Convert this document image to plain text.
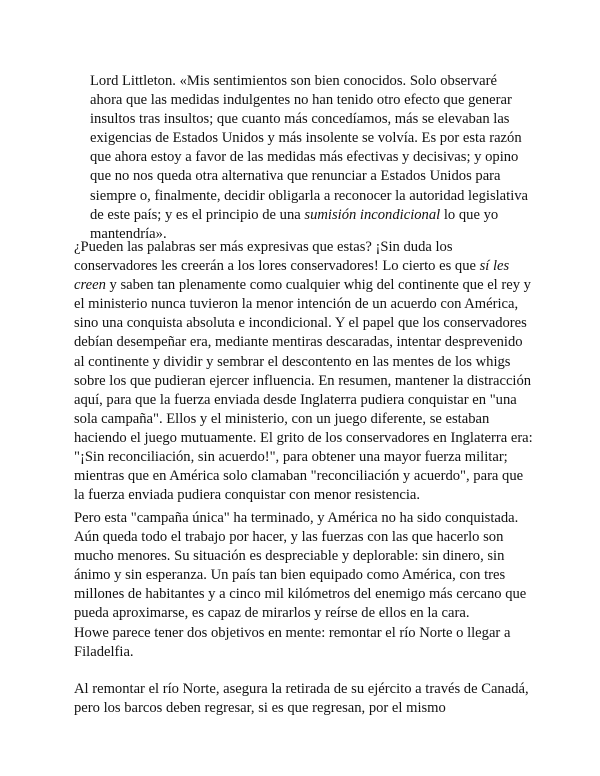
Lord Littleton. «Mis sentimientos son bien conocidos. Solo observaré ahora que las medidas indulgentes no han tenido otro efecto que generar insultos tras insultos; que cuanto más concedíamos, más se elevaban las exigencias de Estados Unidos y más insolente se volvía. Es por esta razón que ahora estoy a favor de las medidas más efectivas y decisivas; y opino que no nos queda otra alternativa que renunciar a Estados Unidos para siempre o, finalmente, decidir obligarla a reconocer la autoridad legislativa de este país; y es el principio de una sumisión incondicional lo que yo mantendría».

¿Pueden las palabras ser más expresivas que estas? ¡Sin duda los conservadores les creerán a los lores conservadores! Lo cierto es que sí les creen y saben tan plenamente como cualquier whig del continente que el rey y el ministerio nunca tuvieron la menor intención de un acuerdo con América, sino una conquista absoluta e incondicional. Y el papel que los conservadores debían desempeñar era, mediante mentiras descaradas, intentar desprevenido al continente y dividir y sembrar el descontento en las mentes de los whigs sobre los que pudieran ejercer influencia. En resumen, mantener la distracción aquí, para que la fuerza enviada desde Inglaterra pudiera conquistar en "una sola campaña". Ellos y el ministerio, con un juego diferente, se estaban haciendo el juego mutuamente. El grito de los conservadores en Inglaterra era: "¡Sin reconciliación, sin acuerdo!", para obtener una mayor fuerza militar; mientras que en América solo clamaban "reconciliación y acuerdo", para que la fuerza enviada pudiera conquistar con menor resistencia.

Pero esta "campaña única" ha terminado, y América no ha sido conquistada. Aún queda todo el trabajo por hacer, y las fuerzas con las que hacerlo son mucho menores. Su situación es despreciable y deplorable: sin dinero, sin ánimo y sin esperanza. Un país tan bien equipado como América, con tres millones de habitantes y a cinco mil kilómetros del enemigo más cercano que pueda aproximarse, es capaz de mirarlos y reírse de ellos en la cara.

Howe parece tener dos objetivos en mente: remontar el río Norte o llegar a Filadelfia.

Al remontar el río Norte, asegura la retirada de su ejército a través de Canadá, pero los barcos deben regresar, si es que regresan, por el mismo
